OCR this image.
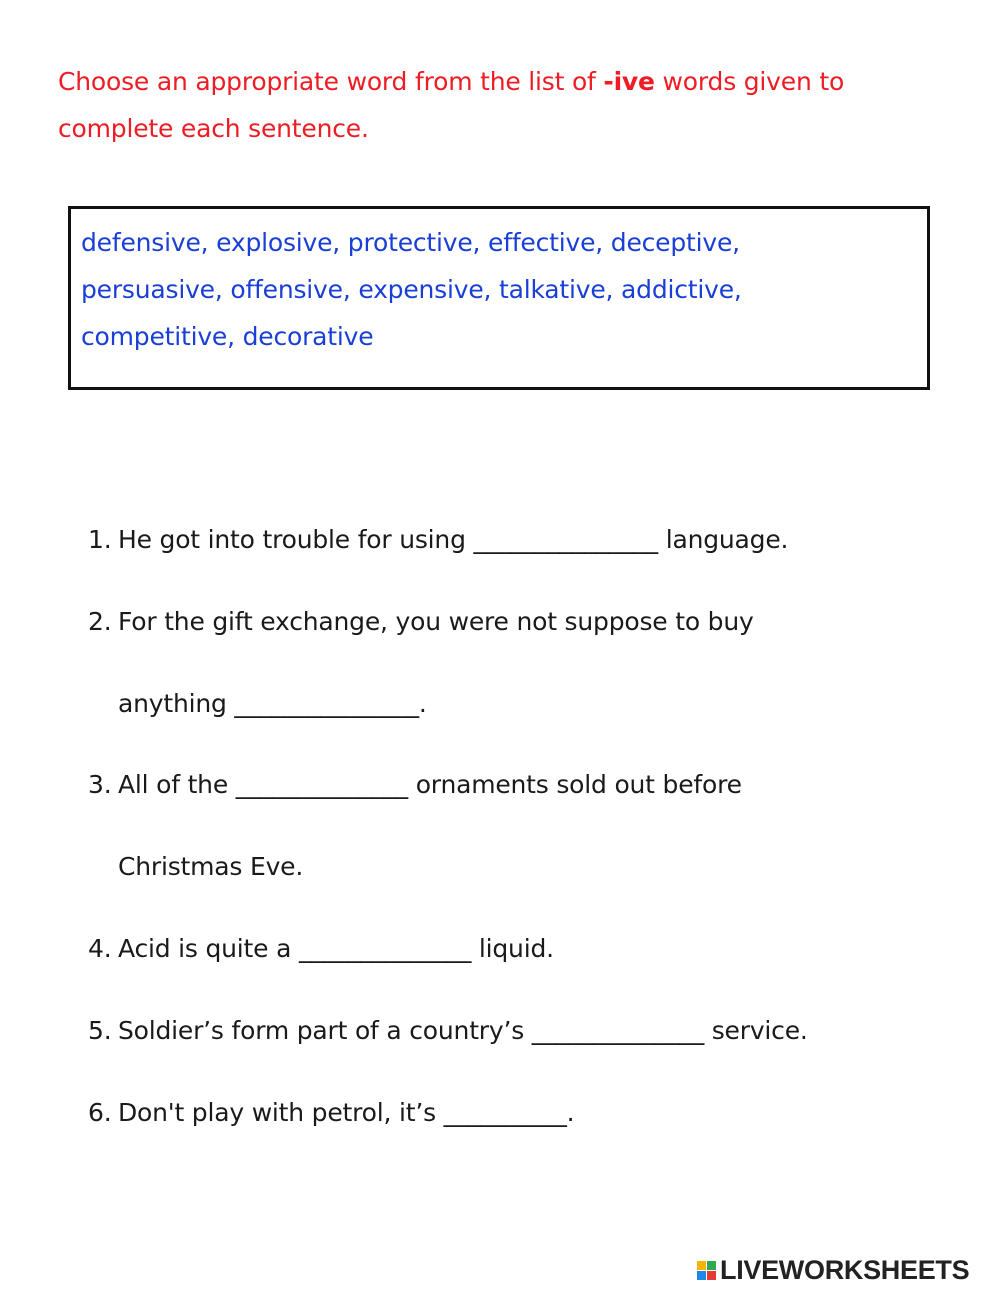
Choose an appropriate word from the list of -ive words given to complete each sentence.
defensive, explosive, protective, effective, deceptive, persuasive, offensive, expensive, talkative, addictive, competitive, decorative
1. He got into trouble for using _______________ language.
2. For the gift exchange, you were not suppose to buy
anything _______________.
3. All of the ______________ ornaments sold out before
Christmas Eve.
4. Acid is quite a ______________ liquid.
5. Soldier’s form part of a country’s ______________ service.
6. Don't play with petrol, it’s __________.
LIVEWORKSHEETS
